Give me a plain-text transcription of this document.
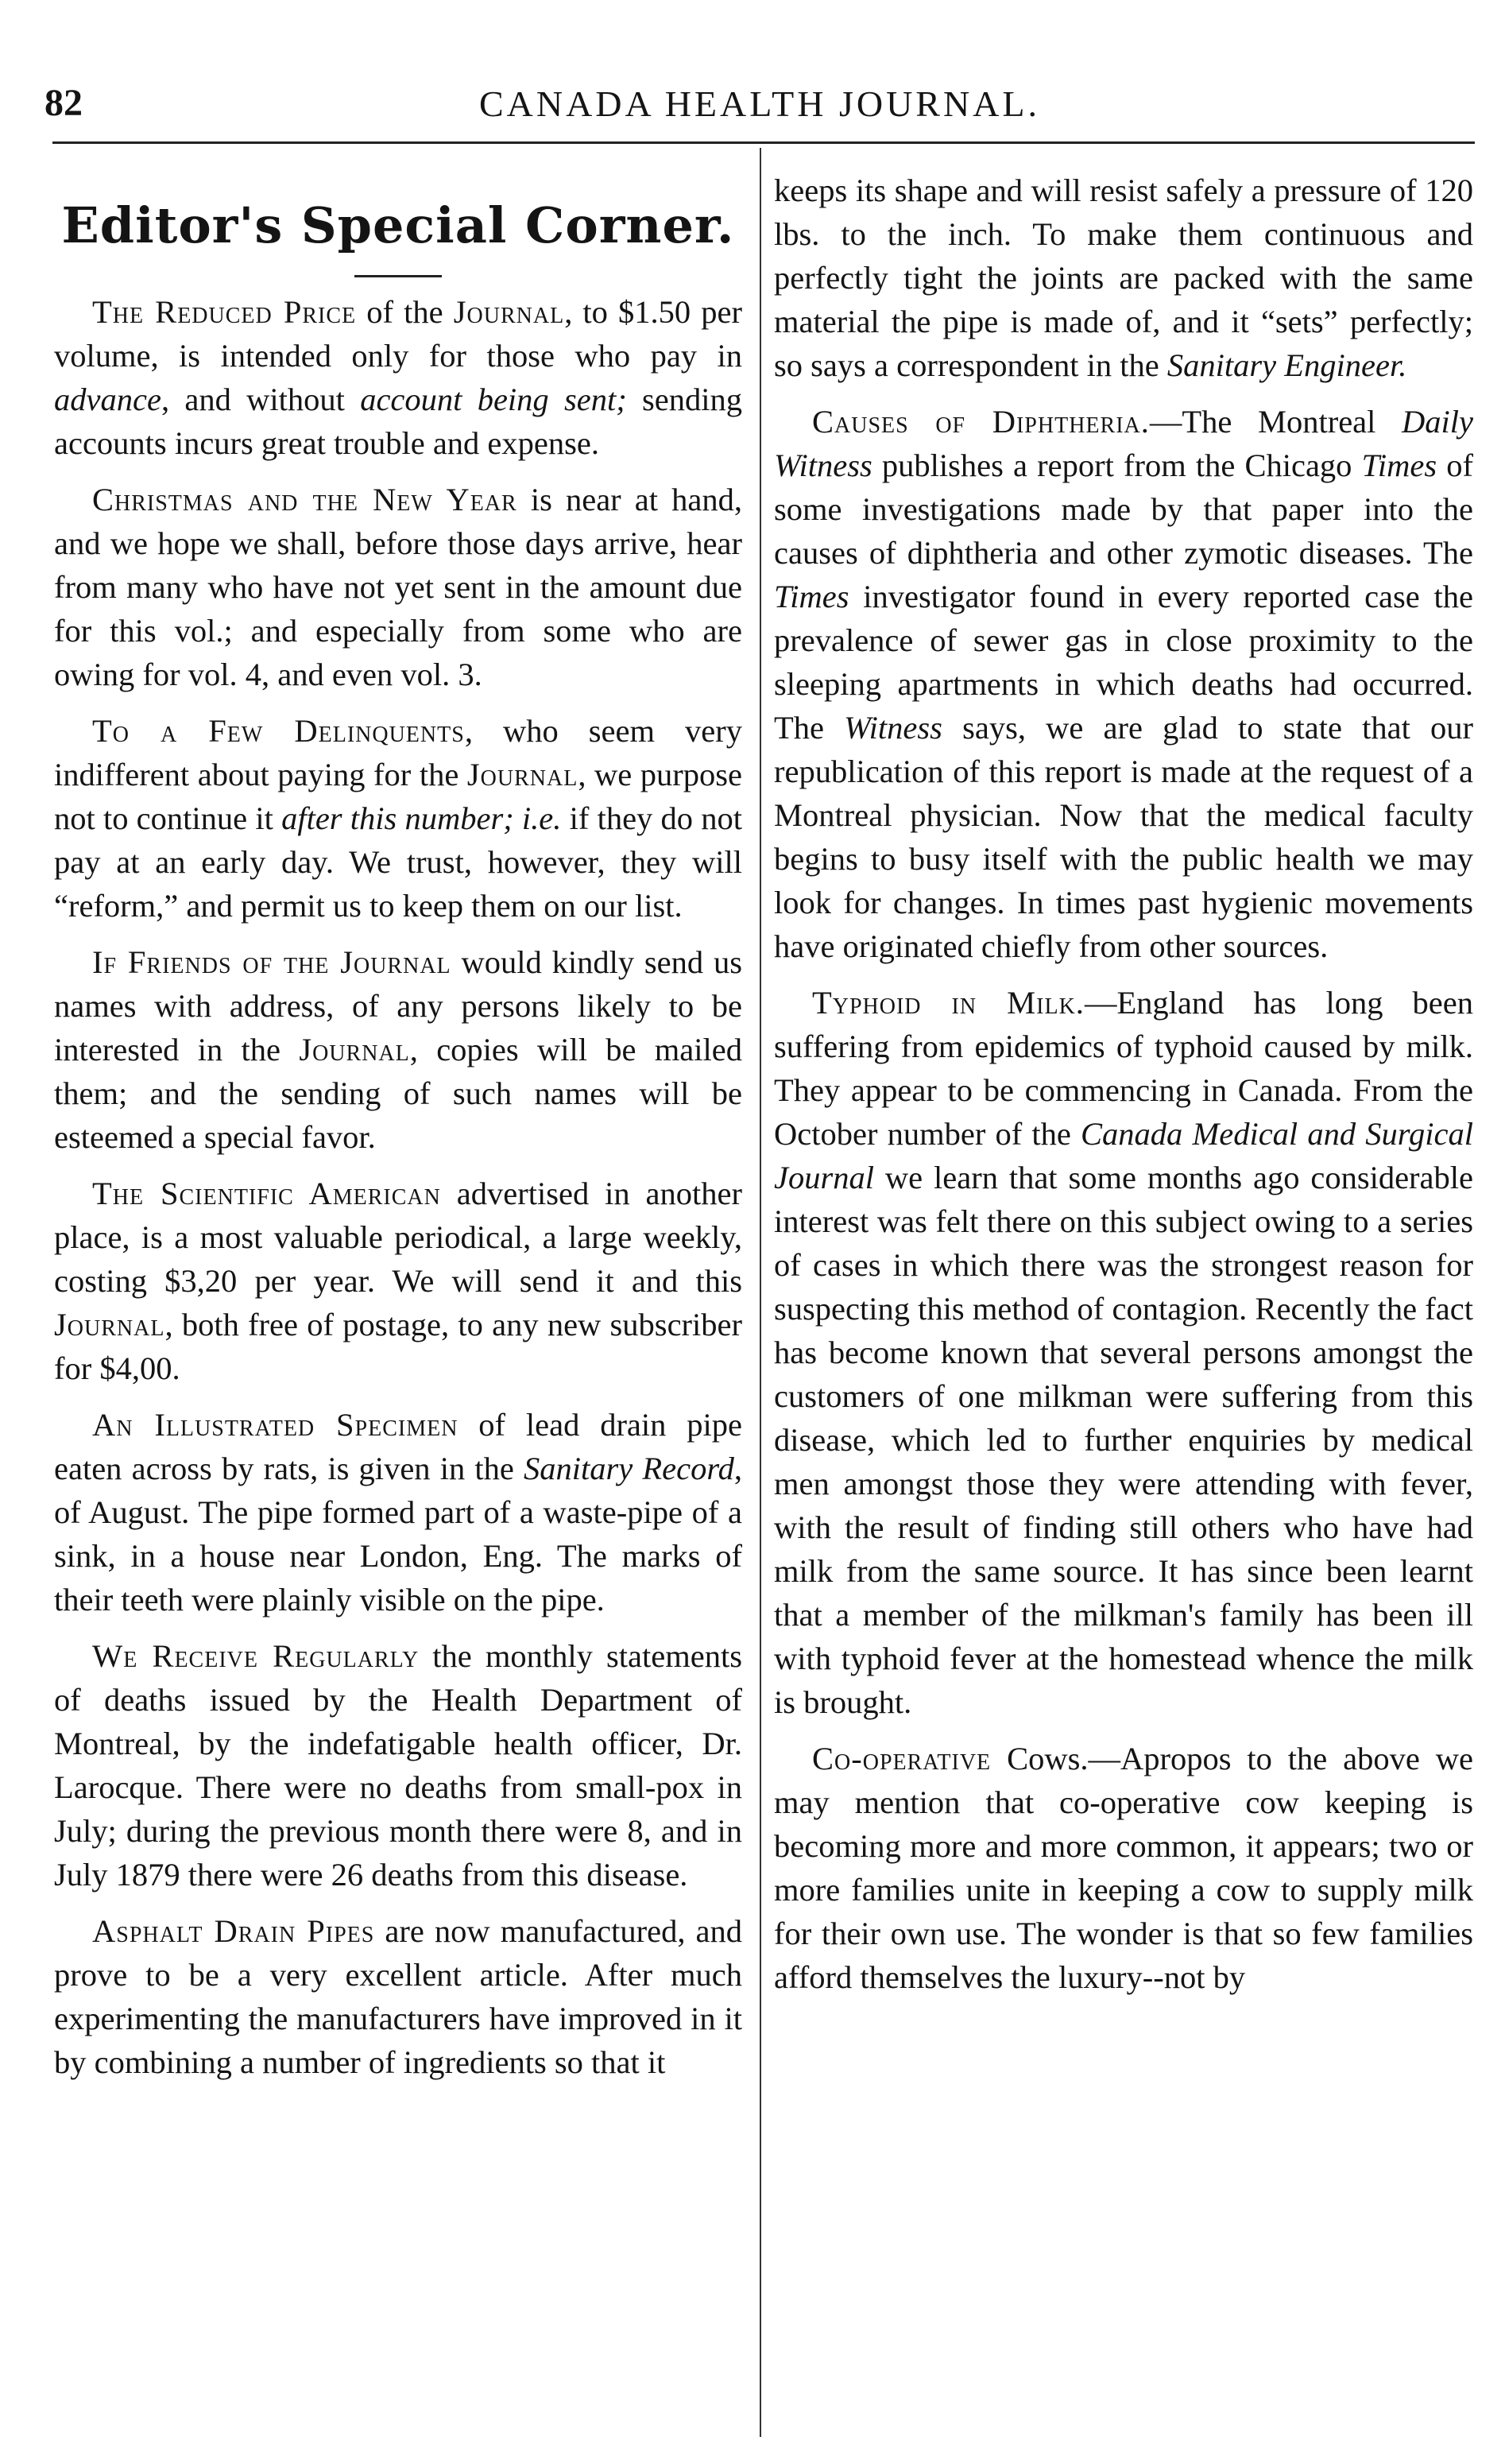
82	CANADA HEALTH JOURNAL.
Editor's Special Corner.

The Reduced Price of the Journal, to $1.50 per volume, is intended only for those who pay in advance, and without account being sent; sending accounts incurs great trouble and expense.

Christmas and the New Year is near at hand, and we hope we shall, before those days arrive, hear from many who have not yet sent in the amount due for this vol.; and especially from some who are owing for vol. 4, and even vol. 3.

To a Few Delinquents, who seem very indifferent about paying for the Journal, we purpose not to continue it after this number; i.e. if they do not pay at an early day. We trust, however, they will “reform,” and permit us to keep them on our list.

If Friends of the Journal would kindly send us names with address, of any persons likely to be interested in the Journal, copies will be mailed them; and the sending of such names will be esteemed a special favor.

The Scientific American advertised in another place, is a most valuable periodical, a large weekly, costing $3,20 per year. We will send it and this Journal, both free of postage, to any new subscriber for $4,00.

An Illustrated Specimen of lead drain pipe eaten across by rats, is given in the Sanitary Record, of August. The pipe formed part of a waste-pipe of a sink, in a house near London, Eng. The marks of their teeth were plainly visible on the pipe.

We Receive Regularly the monthly statements of deaths issued by the Health Department of Montreal, by the indefatigable health officer, Dr. Larocque. There were no deaths from small-pox in July; during the previous month there were 8, and in July 1879 there were 26 deaths from this disease.

Asphalt Drain Pipes are now manufactured, and prove to be a very excellent article. After much experimenting the manufacturers have improved in it by combining a number of ingredients so that it

keeps its shape and will resist safely a pressure of 120 lbs. to the inch. To make them continuous and perfectly tight the joints are packed with the same material the pipe is made of, and it “sets” perfectly; so says a correspondent in the Sanitary Engineer.

Causes of Diphtheria.—The Montreal Daily Witness publishes a report from the Chicago Times of some investigations made by that paper into the causes of diphtheria and other zymotic diseases. The Times investigator found in every reported case the prevalence of sewer gas in close proximity to the sleeping apartments in which deaths had occurred. The Witness says, we are glad to state that our republication of this report is made at the request of a Montreal physician. Now that the medical faculty begins to busy itself with the public health we may look for changes. In times past hygienic movements have originated chiefly from other sources.

Typhoid in Milk.—England has long been suffering from epidemics of typhoid caused by milk. They appear to be commencing in Canada. From the October number of the Canada Medical and Surgical Journal we learn that some months ago considerable interest was felt there on this subject owing to a series of cases in which there was the strongest reason for suspecting this method of contagion. Recently the fact has become known that several persons amongst the customers of one milkman were suffering from this disease, which led to further enquiries by medical men amongst those they were attending with fever, with the result of finding still others who have had milk from the same source. It has since been learnt that a member of the milkman's family has been ill with typhoid fever at the homestead whence the milk is brought.

Co-operative Cows.—Apropos to the above we may mention that co-operative cow keeping is becoming more and more common, it appears; two or more families unite in keeping a cow to supply milk for their own use. The wonder is that so few families afford themselves the luxury--not by
